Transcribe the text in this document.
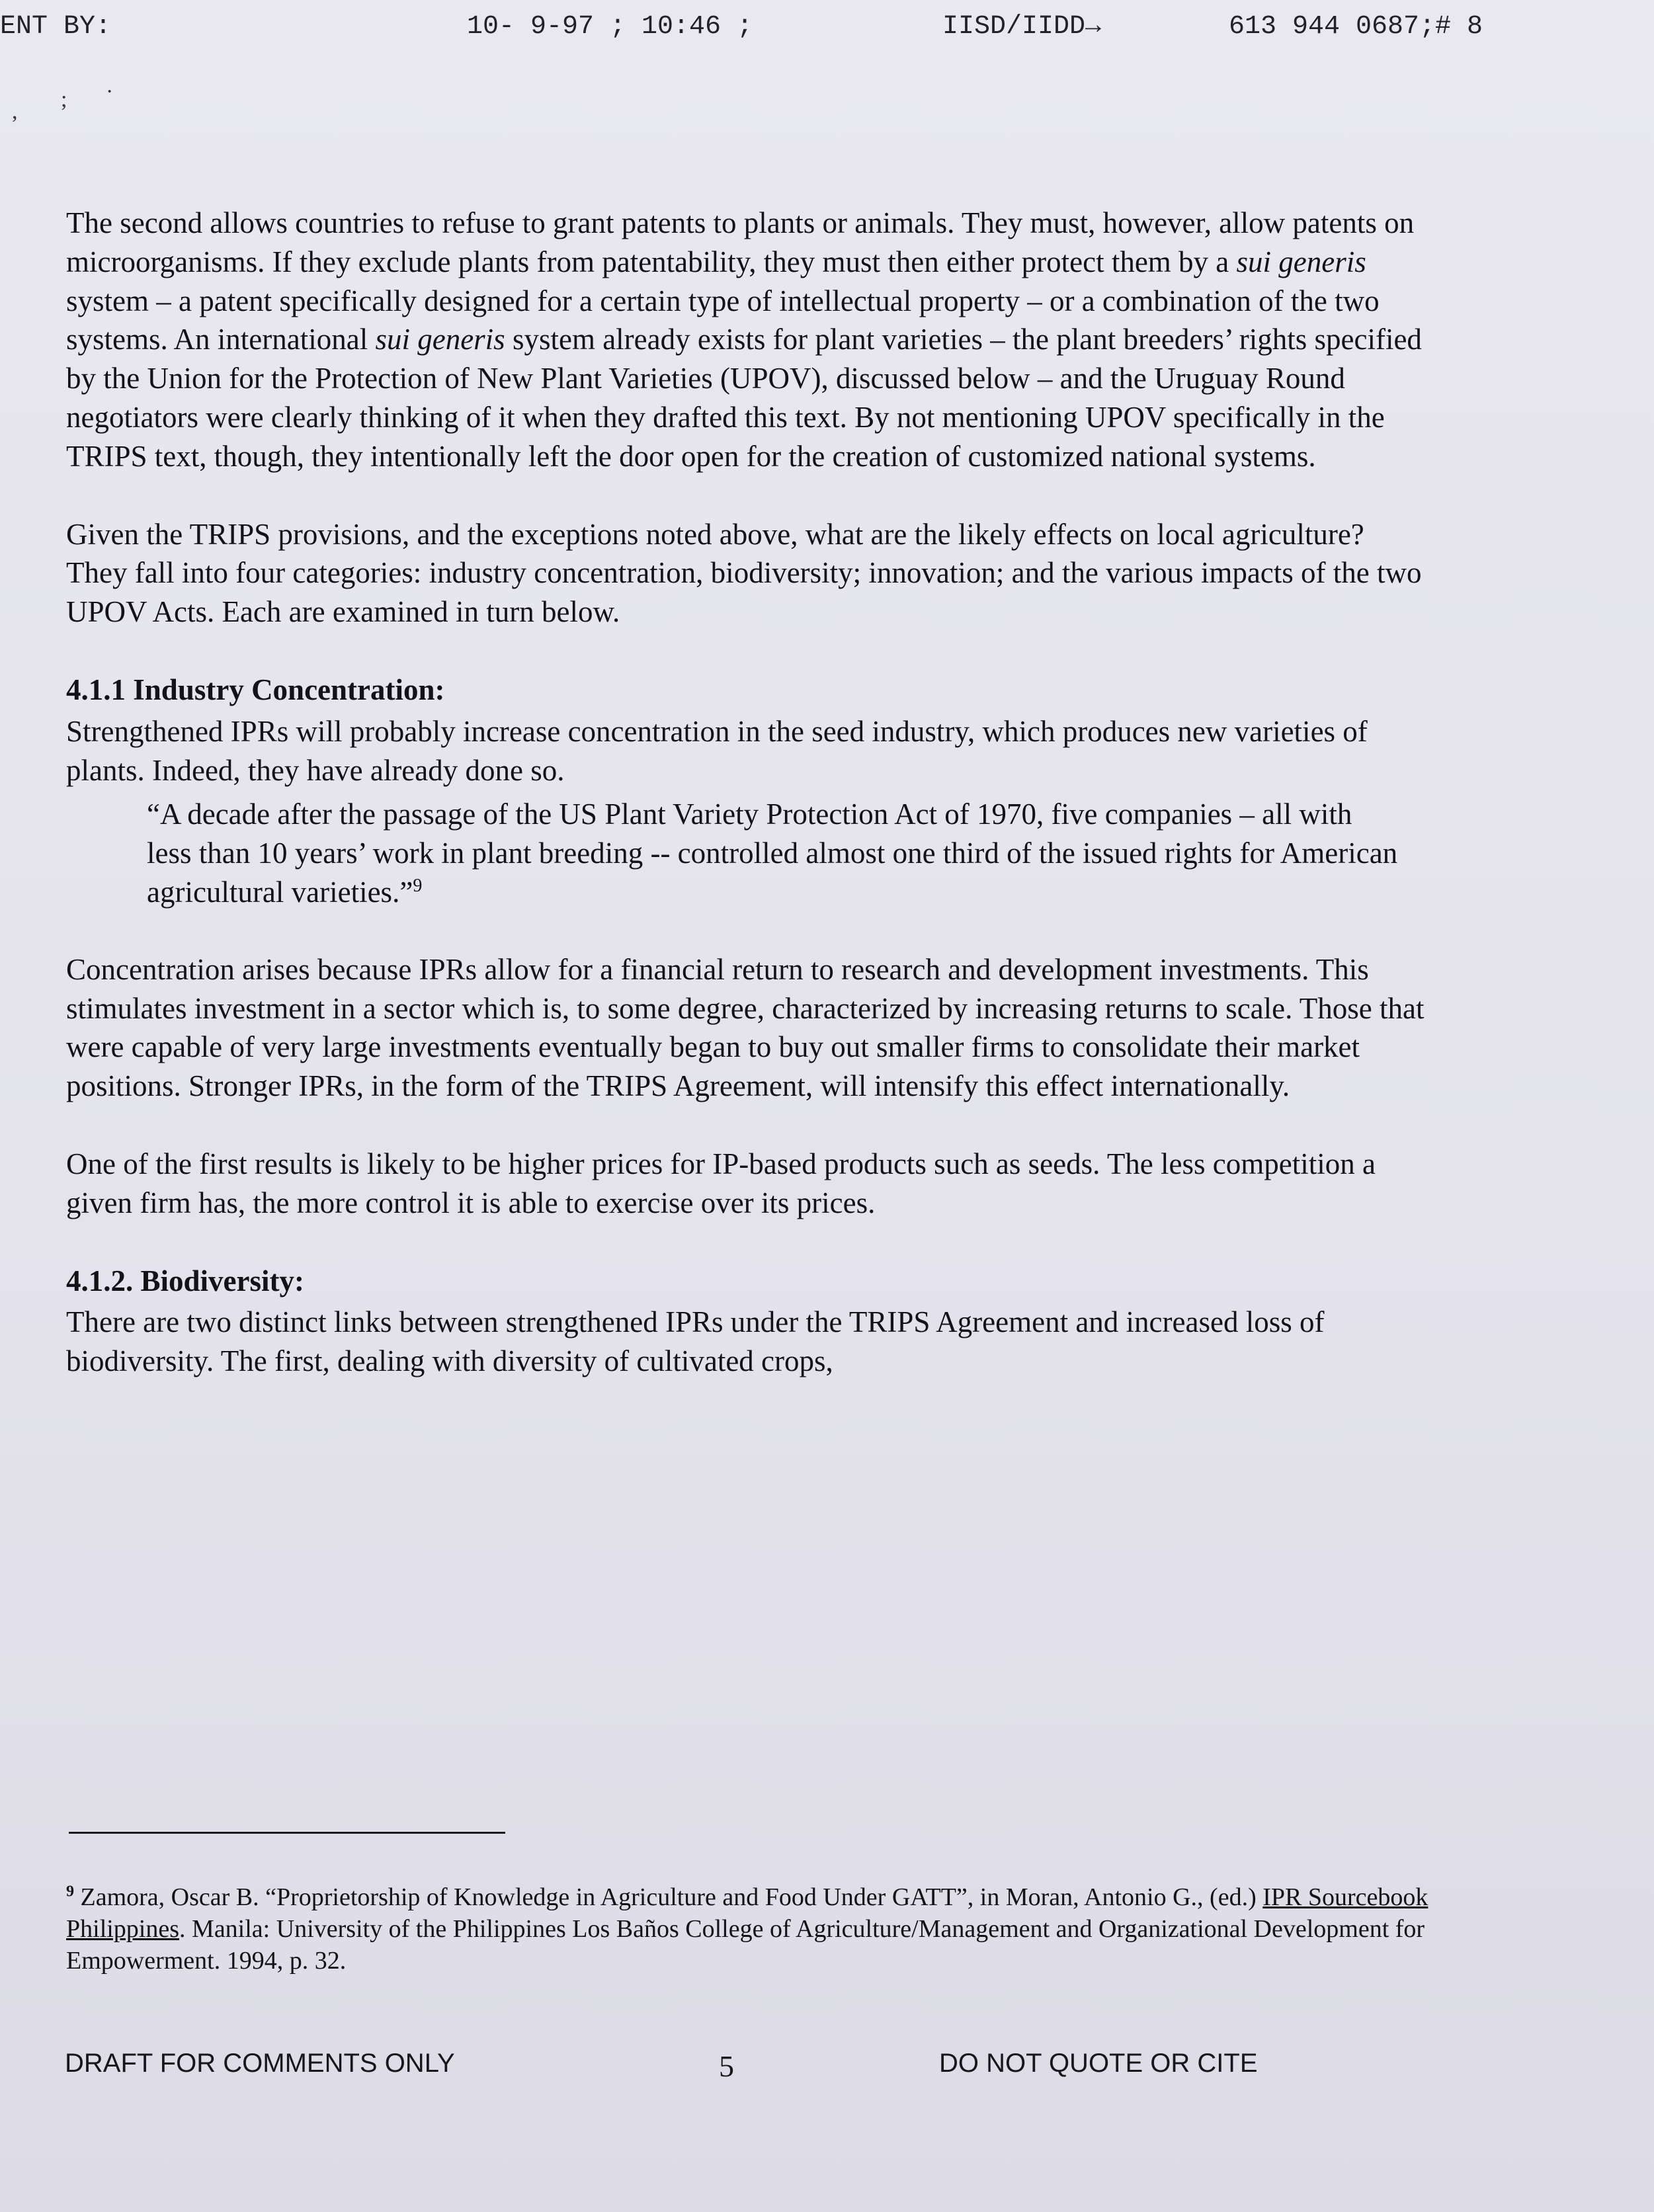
ENT BY:	10- 9-97 ; 10:46 ;	IISD/IIDD→	613 944 0687;# 8
, ; ·

The second allows countries to refuse to grant patents to plants or animals. They must, however, allow patents on microorganisms. If they exclude plants from patentability, they must then either protect them by a sui generis system – a patent specifically designed for a certain type of intellectual property – or a combination of the two systems. An international sui generis system already exists for plant varieties – the plant breeders’ rights specified by the Union for the Protection of New Plant Varieties (UPOV), discussed below – and the Uruguay Round negotiators were clearly thinking of it when they drafted this text. By not mentioning UPOV specifically in the TRIPS text, though, they intentionally left the door open for the creation of customized national systems.

Given the TRIPS provisions, and the exceptions noted above, what are the likely effects on local agriculture? They fall into four categories: industry concentration, biodiversity; innovation; and the various impacts of the two UPOV Acts. Each are examined in turn below.

4.1.1 Industry Concentration:

Strengthened IPRs will probably increase concentration in the seed industry, which produces new varieties of plants. Indeed, they have already done so.

“A decade after the passage of the US Plant Variety Protection Act of 1970, five companies – all with less than 10 years’ work in plant breeding -- controlled almost one third of the issued rights for American agricultural varieties.”$^9$

Concentration arises because IPRs allow for a financial return to research and development investments. This stimulates investment in a sector which is, to some degree, characterized by increasing returns to scale. Those that were capable of very large investments eventually began to buy out smaller firms to consolidate their market positions. Stronger IPRs, in the form of the TRIPS Agreement, will intensify this effect internationally.

One of the first results is likely to be higher prices for IP-based products such as seeds. The less competition a given firm has, the more control it is able to exercise over its prices.

4.1.2. Biodiversity:

There are two distinct links between strengthened IPRs under the TRIPS Agreement and increased loss of biodiversity. The first, dealing with diversity of cultivated crops,

$^9$ Zamora, Oscar B. “Proprietorship of Knowledge in Agriculture and Food Under GATT”, in Moran, Antonio G., (ed.) IPR Sourcebook Philippines. Manila: University of the Philippines Los Baños College of Agriculture/Management and Organizational Development for Empowerment. 1994, p. 32.

DRAFT FOR COMMENTS ONLY	5	DO NOT QUOTE OR CITE
